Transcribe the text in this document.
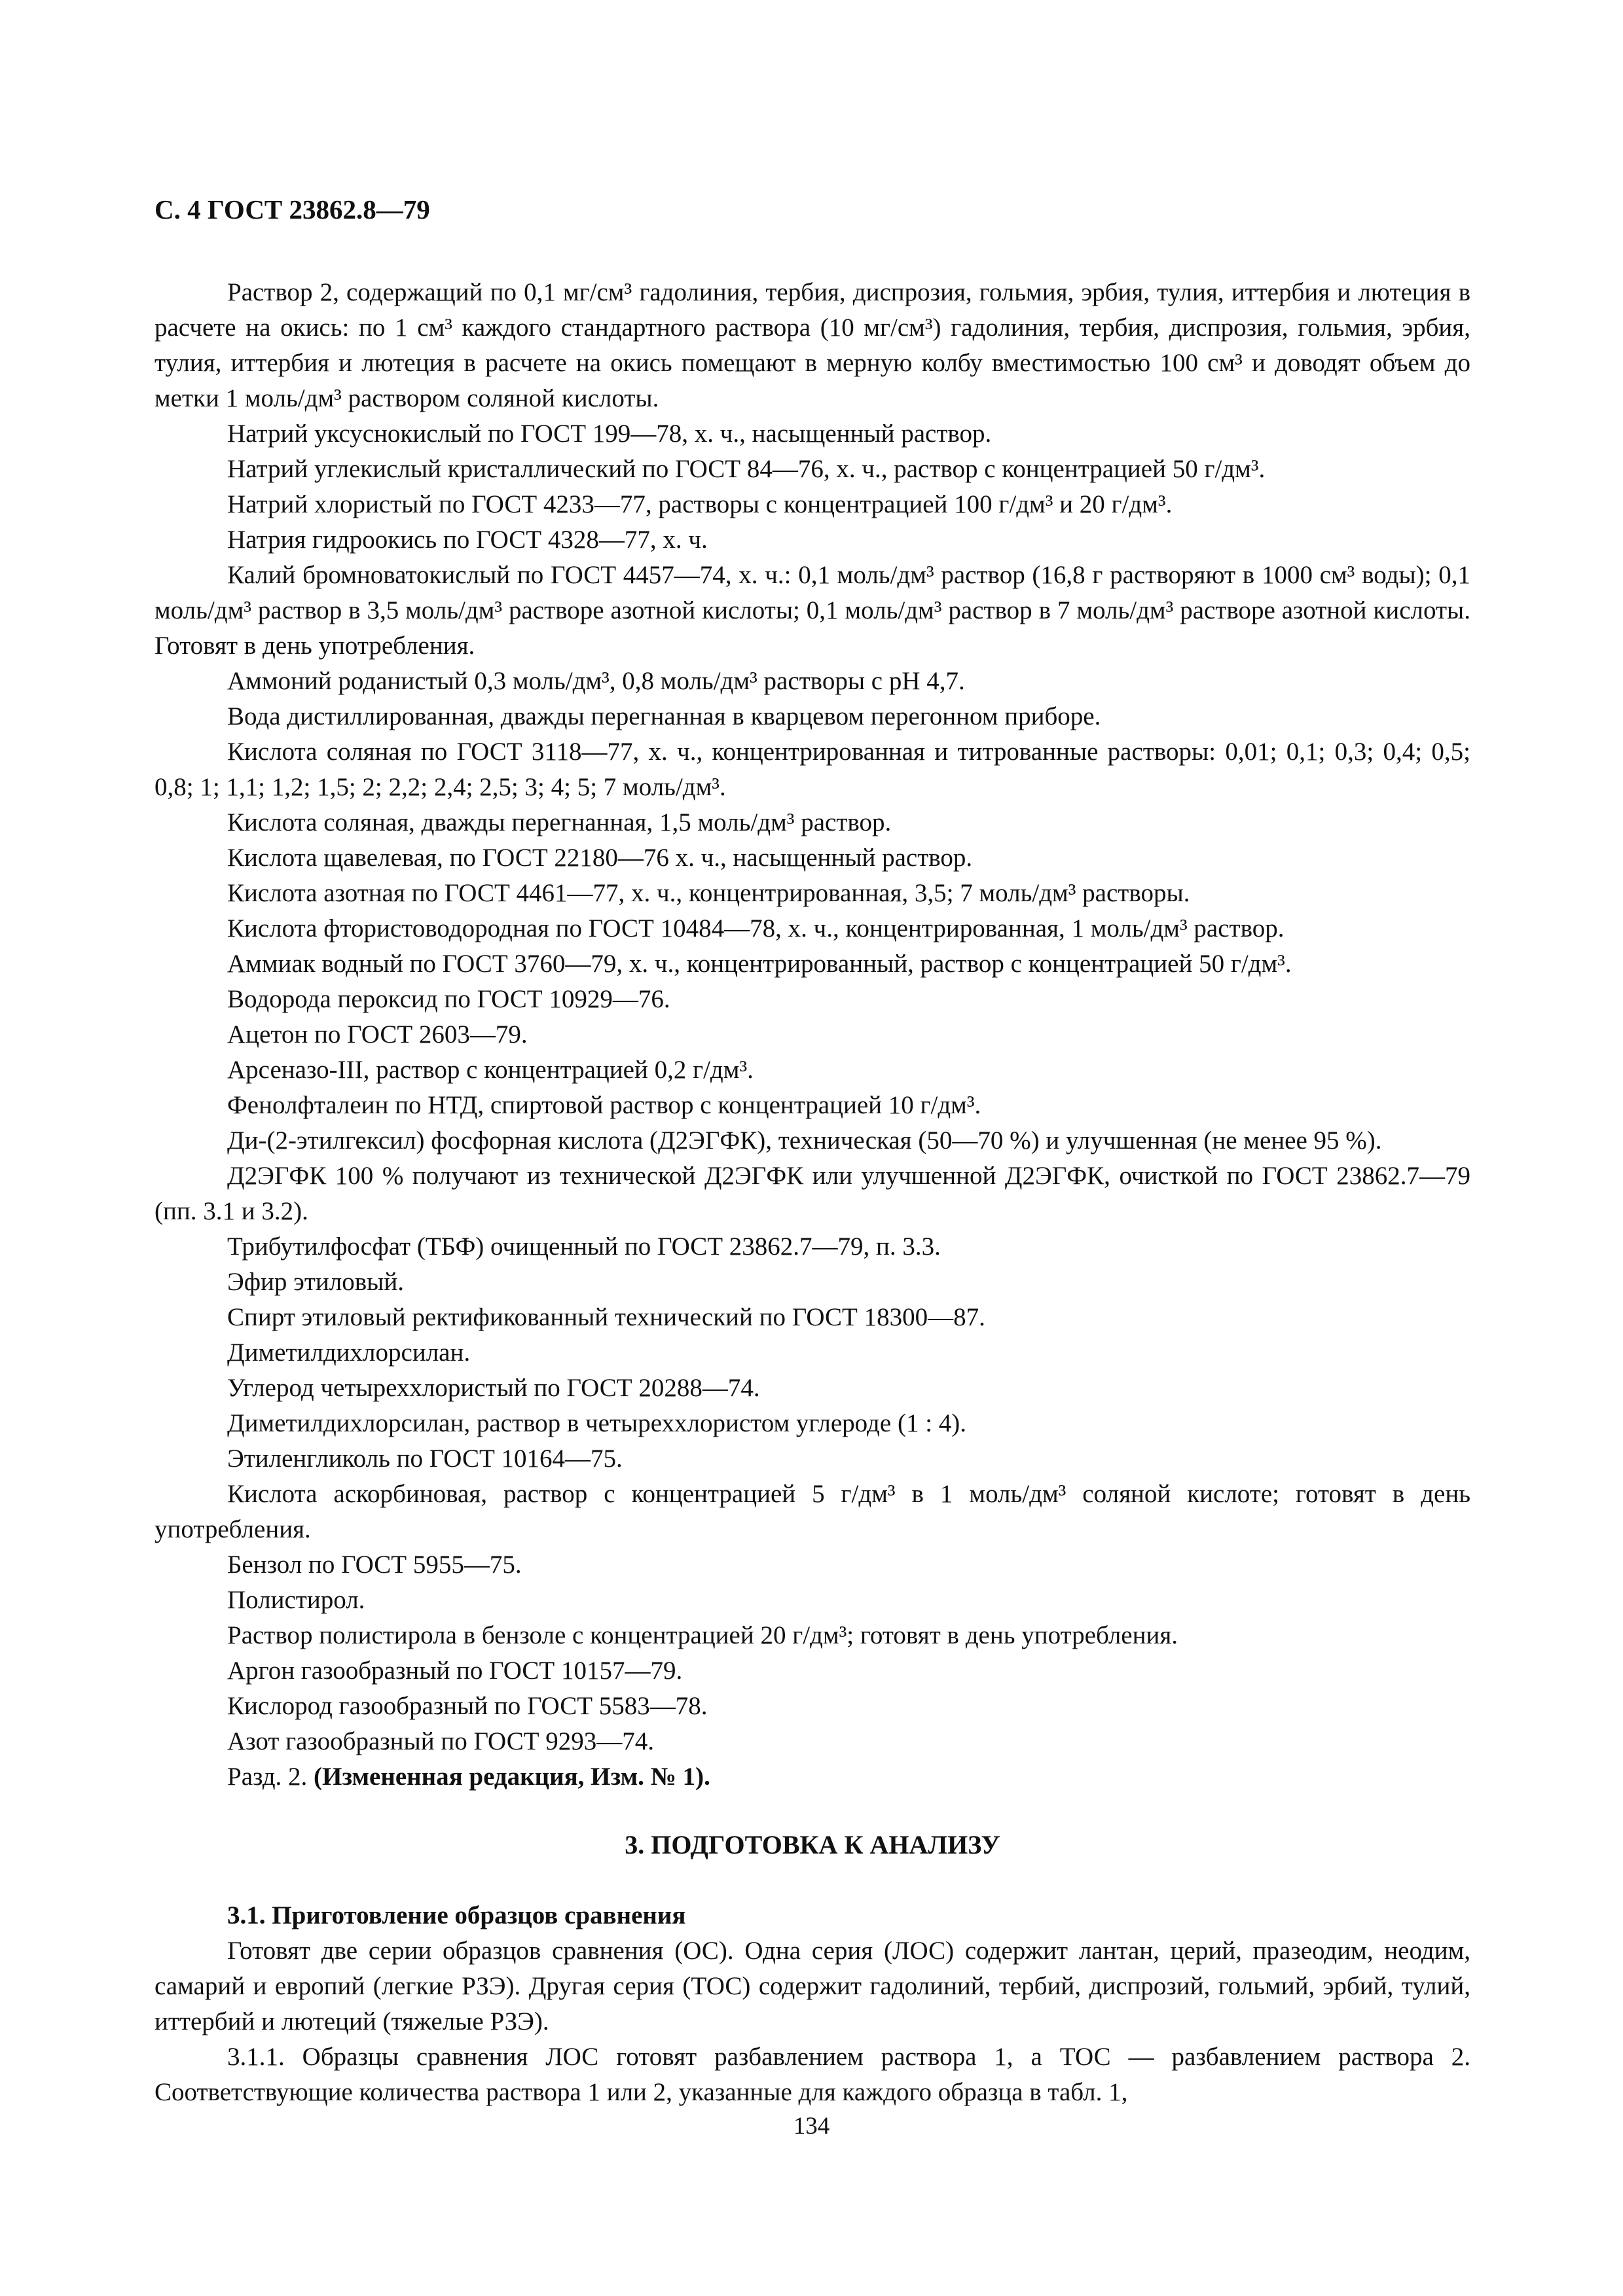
С. 4 ГОСТ 23862.8—79

Раствор 2, содержащий по 0,1 мг/см³ гадолиния, тербия, диспрозия, гольмия, эрбия, тулия, иттербия и лютеция в расчете на окись: по 1 см³ каждого стандартного раствора (10 мг/см³) гадолиния, тербия, диспрозия, гольмия, эрбия, тулия, иттербия и лютеция в расчете на окись помещают в мерную колбу вместимостью 100 см³ и доводят объем до метки 1 моль/дм³ раствором соляной кислоты.

Натрий уксуснокислый по ГОСТ 199—78, х. ч., насыщенный раствор.

Натрий углекислый кристаллический по ГОСТ 84—76, х. ч., раствор с концентрацией 50 г/дм³.

Натрий хлористый по ГОСТ 4233—77, растворы с концентрацией 100 г/дм³ и 20 г/дм³.

Натрия гидроокись по ГОСТ 4328—77, х. ч.

Калий бромноватокислый по ГОСТ 4457—74, х. ч.: 0,1 моль/дм³ раствор (16,8 г растворяют в 1000 см³ воды); 0,1 моль/дм³ раствор в 3,5 моль/дм³ растворе азотной кислоты; 0,1 моль/дм³ раствор в 7 моль/дм³ растворе азотной кислоты. Готовят в день употребления.

Аммоний роданистый 0,3 моль/дм³, 0,8 моль/дм³ растворы с рН 4,7.

Вода дистиллированная, дважды перегнанная в кварцевом перегонном приборе.

Кислота соляная по ГОСТ 3118—77, х. ч., концентрированная и титрованные растворы: 0,01; 0,1; 0,3; 0,4; 0,5; 0,8; 1; 1,1; 1,2; 1,5; 2; 2,2; 2,4; 2,5; 3; 4; 5; 7 моль/дм³.

Кислота соляная, дважды перегнанная, 1,5 моль/дм³ раствор.

Кислота щавелевая, по ГОСТ 22180—76 х. ч., насыщенный раствор.

Кислота азотная по ГОСТ 4461—77, х. ч., концентрированная, 3,5; 7 моль/дм³ растворы.

Кислота фтористоводородная по ГОСТ 10484—78, х. ч., концентрированная, 1 моль/дм³ раствор.

Аммиак водный по ГОСТ 3760—79, х. ч., концентрированный, раствор с концентрацией 50 г/дм³.

Водорода пероксид по ГОСТ 10929—76.

Ацетон по ГОСТ 2603—79.

Арсеназо-III, раствор с концентрацией 0,2 г/дм³.

Фенолфталеин по НТД, спиртовой раствор с концентрацией 10 г/дм³.

Ди-(2-этилгексил) фосфорная кислота (Д2ЭГФК), техническая (50—70 %) и улучшенная (не менее 95 %).

Д2ЭГФК 100 % получают из технической Д2ЭГФК или улучшенной Д2ЭГФК, очисткой по ГОСТ 23862.7—79 (пп. 3.1 и 3.2).

Трибутилфосфат (ТБФ) очищенный по ГОСТ 23862.7—79, п. 3.3.

Эфир этиловый.

Спирт этиловый ректификованный технический по ГОСТ 18300—87.

Диметилдихлорсилан.

Углерод четыреххлористый по ГОСТ 20288—74.

Диметилдихлорсилан, раствор в четыреххлористом углероде (1 : 4).

Этиленгликоль по ГОСТ 10164—75.

Кислота аскорбиновая, раствор с концентрацией 5 г/дм³ в 1 моль/дм³ соляной кислоте; готовят в день употребления.

Бензол по ГОСТ 5955—75.

Полистирол.

Раствор полистирола в бензоле с концентрацией 20 г/дм³; готовят в день употребления.

Аргон газообразный по ГОСТ 10157—79.

Кислород газообразный по ГОСТ 5583—78.

Азот газообразный по ГОСТ 9293—74.

Разд. 2. (Измененная редакция, Изм. № 1).

3. ПОДГОТОВКА К АНАЛИЗУ

3.1. Приготовление образцов сравнения

Готовят две серии образцов сравнения (ОС). Одна серия (ЛОС) содержит лантан, церий, празеодим, неодим, самарий и европий (легкие РЗЭ). Другая серия (ТОС) содержит гадолиний, тербий, диспрозий, гольмий, эрбий, тулий, иттербий и лютеций (тяжелые РЗЭ).

3.1.1. Образцы сравнения ЛОС готовят разбавлением раствора 1, а ТОС — разбавлением раствора 2. Соответствующие количества раствора 1 или 2, указанные для каждого образца в табл. 1,

134
